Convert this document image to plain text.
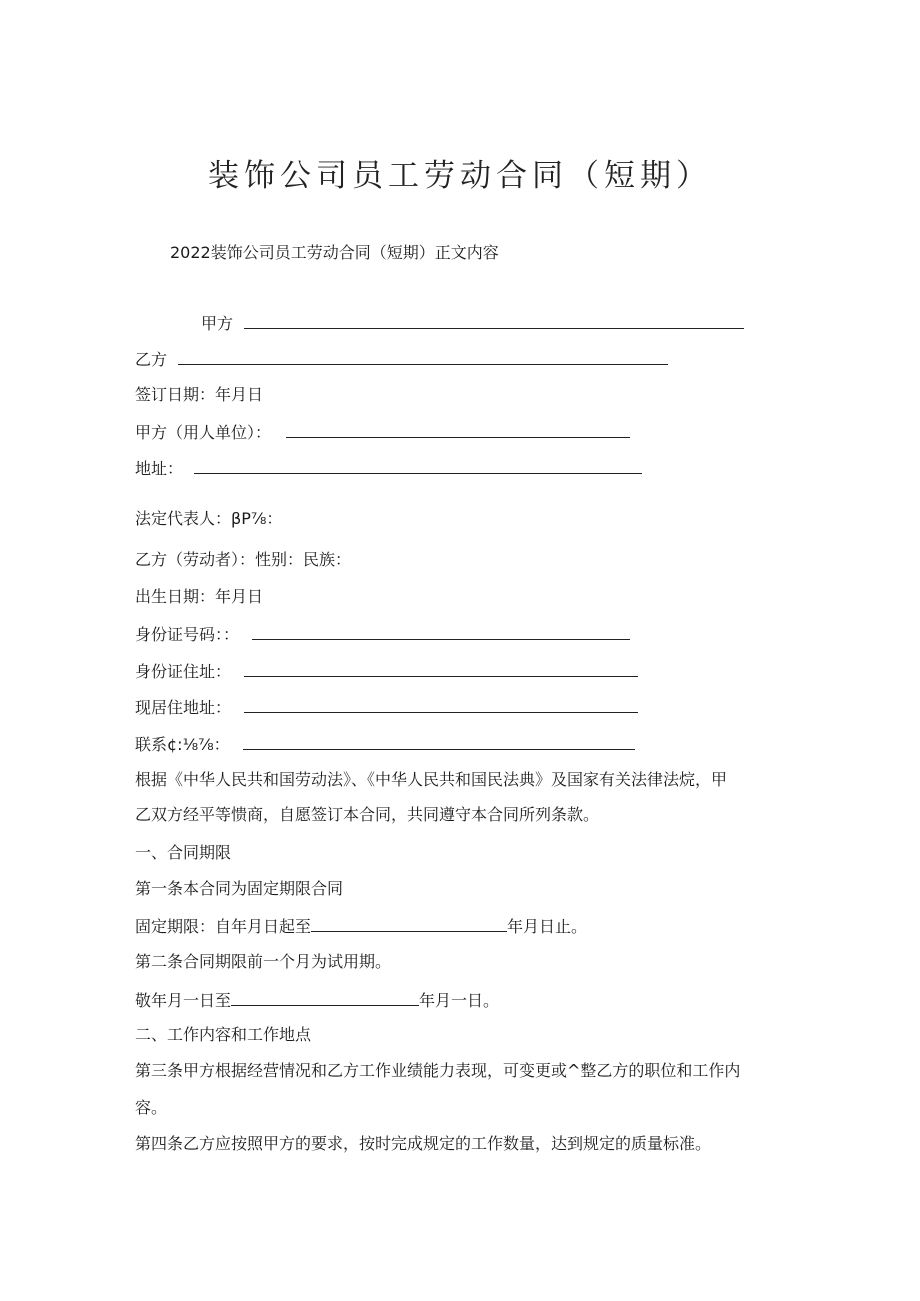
装饰公司员工劳动合同（短期）
2022装饰公司员工劳动合同（短期）正文内容
甲方
乙方
签订日期：年月日
甲方（用人单位）：
地址：
法定代表人：βP⅞：
乙方（劳动者）：性别：民族：
出生日期：年月日
身份证号码：：
身份证住址：
现居住地址：
联系¢:⅛⅞：
根据《中华人民共和国劳动法》、《中华人民共和国民法典》及国家有关法律法烷，甲
乙双方经平等愦商，自愿签订本合同，共同遵守本合同所列条款。
一、合同期限
第一条本合同为固定期限合同
固定期限：自年月日起至	年月日止。
第二条合同期限前一个月为试用期。
敬年月一日至	年月一日。
二、工作内容和工作地点
第三条甲方根据经营情况和乙方工作业绩能力表现，可变更或^整乙方的职位和工作内
容。
第四条乙方应按照甲方的要求，按时完成规定的工作数量，达到规定的质量标准。
